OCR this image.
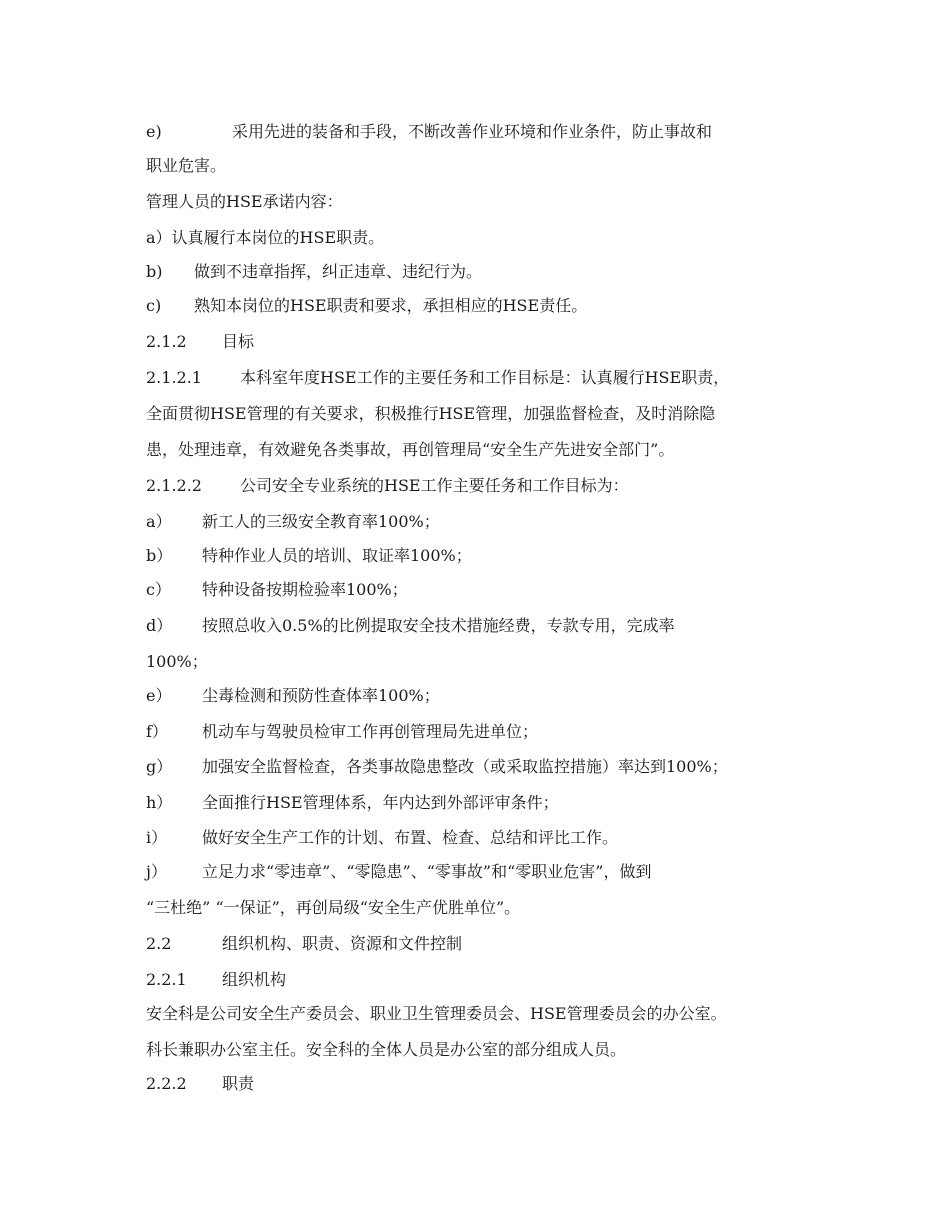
e)	采用先进的装备和手段，不断改善作业环境和作业条件，防止事故和
职业危害。
管理人员的HSE承诺内容：
a）认真履行本岗位的HSE职责。
b) 做到不违章指挥，纠正违章、违纪行为。
c) 熟知本岗位的HSE职责和要求，承担相应的HSE责任。
2.1.2 目标
2.1.2.1 本科室年度HSE工作的主要任务和工作目标是：认真履行HSE职责，
全面贯彻HSE管理的有关要求，积极推行HSE管理，加强监督检查，及时消除隐
患，处理违章，有效避免各类事故，再创管理局“安全生产先进安全部门”。
2.1.2.2 公司安全专业系统的HSE工作主要任务和工作目标为：
a） 新工人的三级安全教育率100%；
b） 特种作业人员的培训、取证率100%；
c） 特种设备按期检验率100%；
d） 按照总收入0.5%的比例提取安全技术措施经费，专款专用，完成率
100%；
e） 尘毒检测和预防性查体率100%；
f） 机动车与驾驶员检审工作再创管理局先进单位；
g） 加强安全监督检查，各类事故隐患整改（或采取监控措施）率达到100%；
h） 全面推行HSE管理体系，年内达到外部评审条件；
i） 做好安全生产工作的计划、布置、检查、总结和评比工作。
j） 立足力求“零违章”、“零隐患”、“零事故”和“零职业危害”，做到
“三杜绝” “一保证”，再创局级“安全生产优胜单位”。
2.2	组织机构、职责、资源和文件控制
2.2.1 组织机构
安全科是公司安全生产委员会、职业卫生管理委员会、HSE管理委员会的办公室。
科长兼职办公室主任。安全科的全体人员是办公室的部分组成人员。
2.2.2 职责
